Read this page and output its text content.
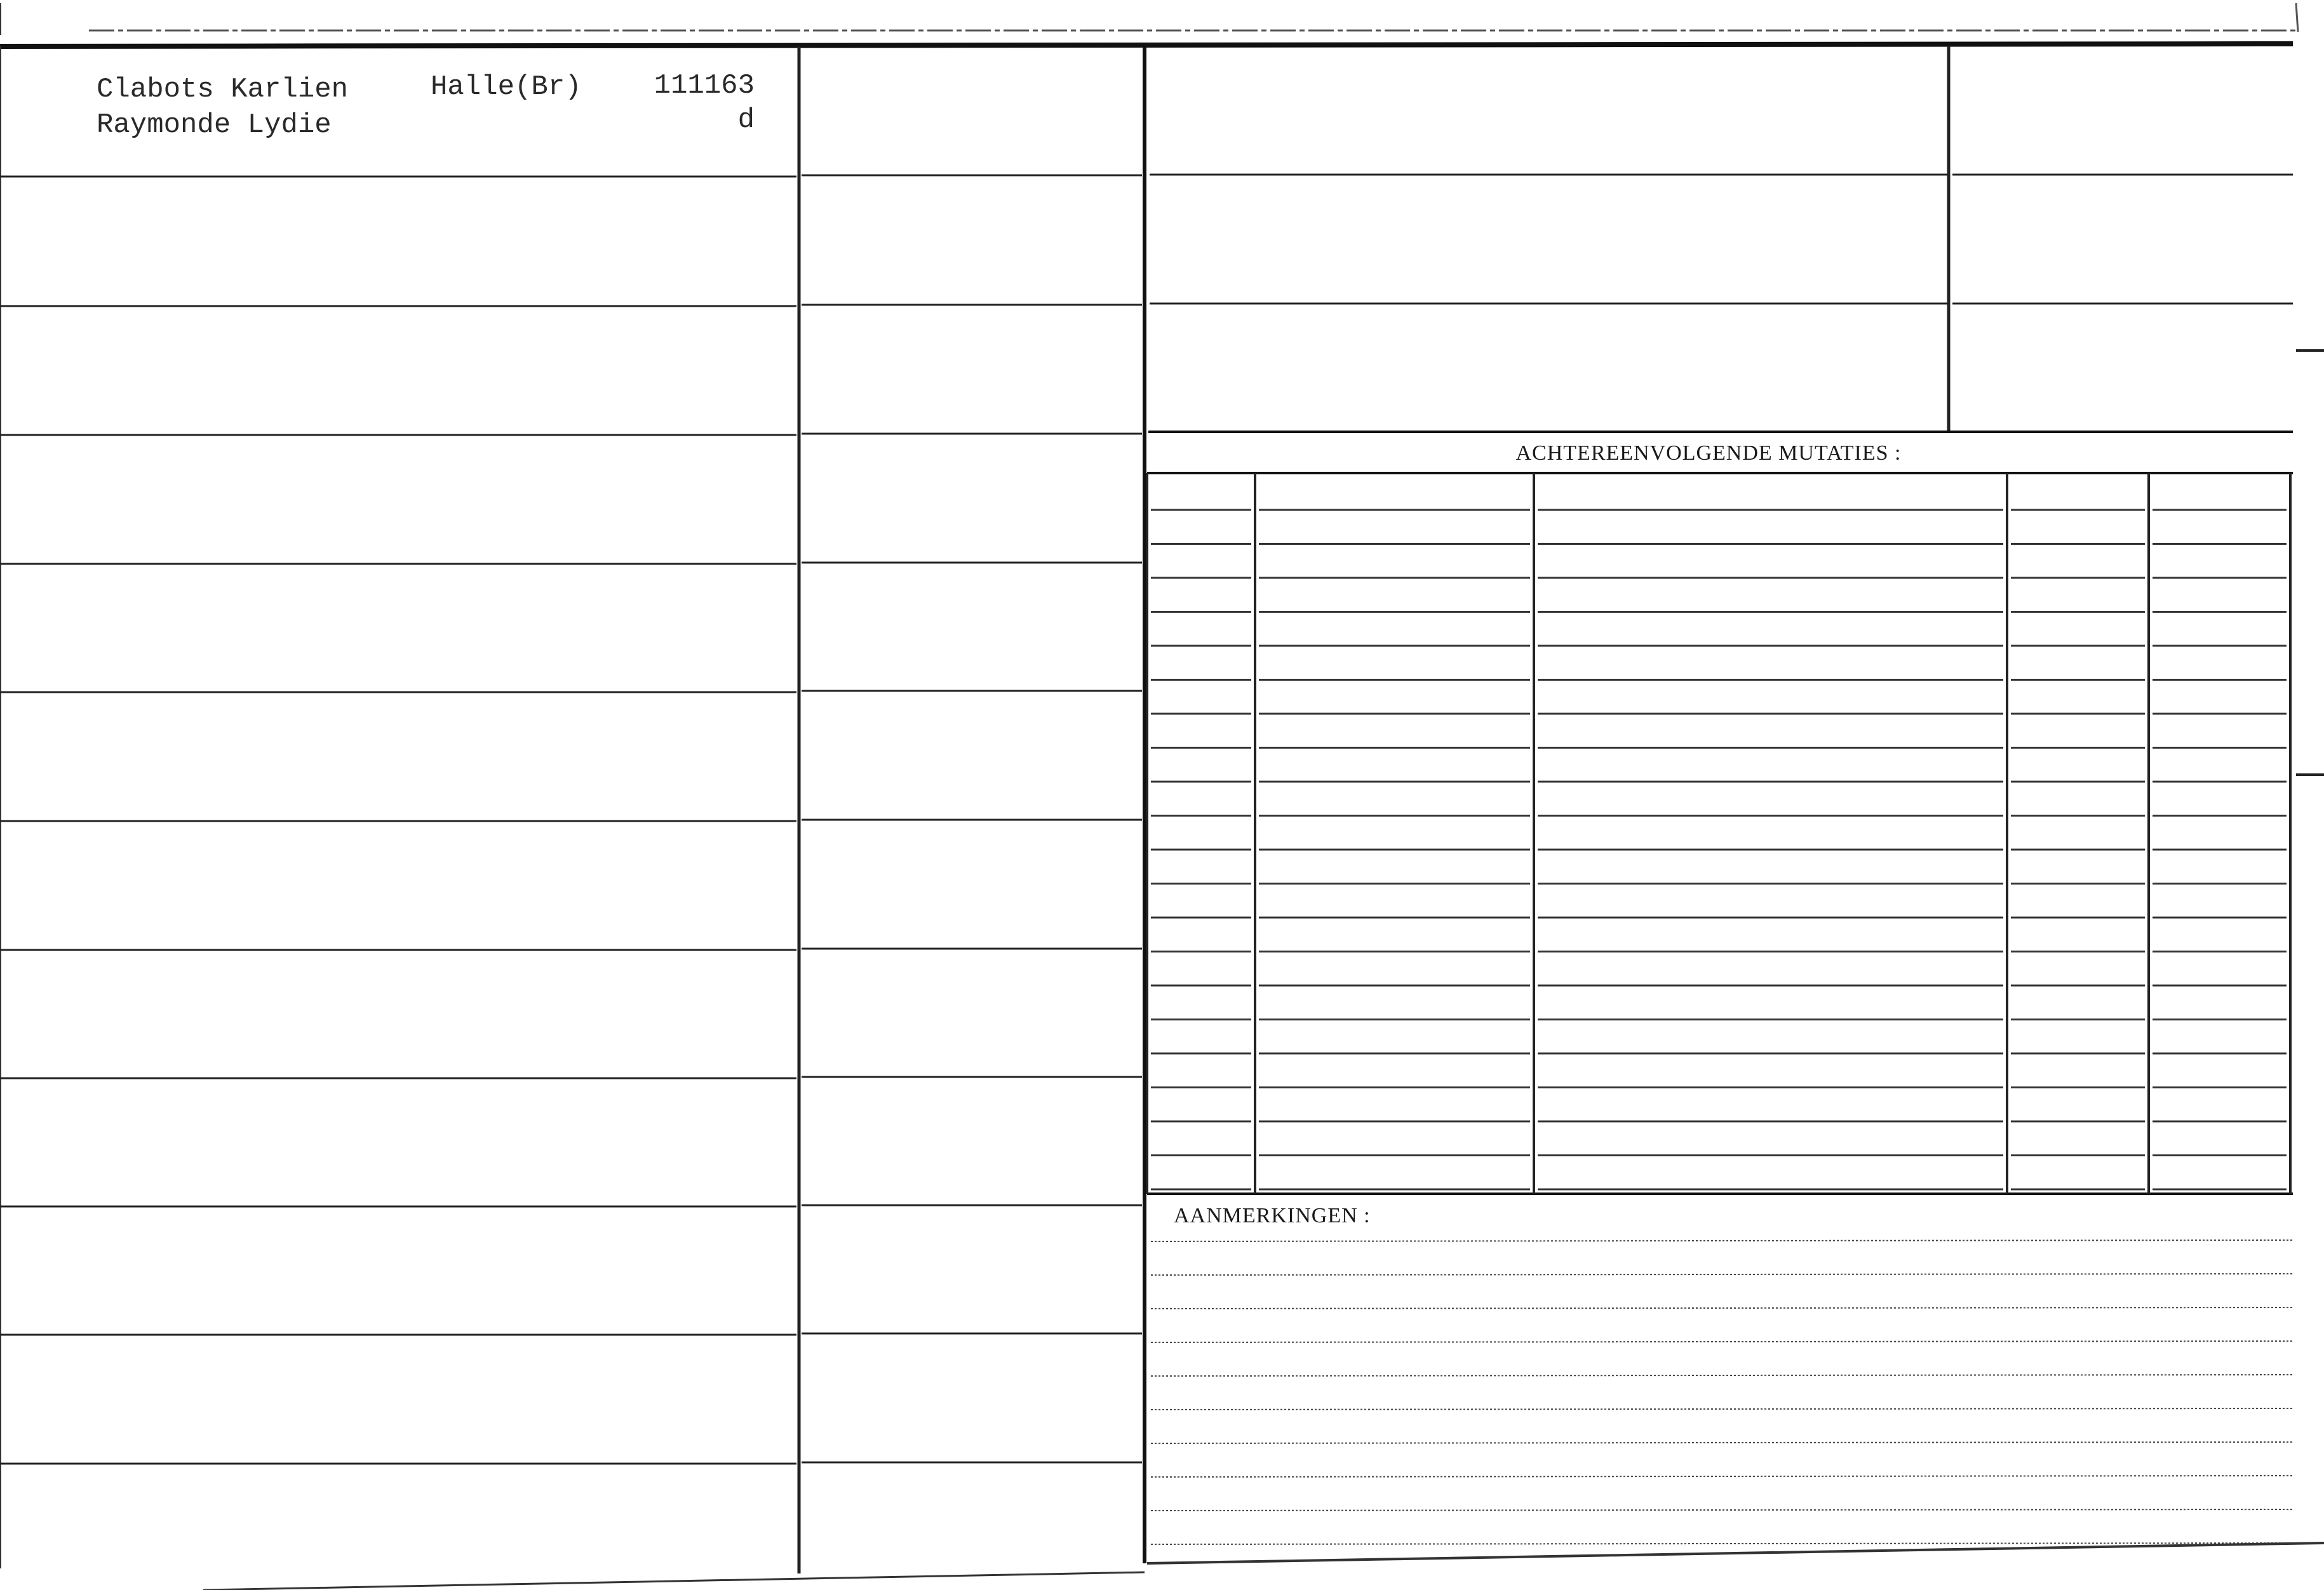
ACHTEREENVOLGENDE MUTATIES :
AANMERKINGEN :
Clabots Karlien
Raymonde Lydie
Halle(Br)	111163
d
